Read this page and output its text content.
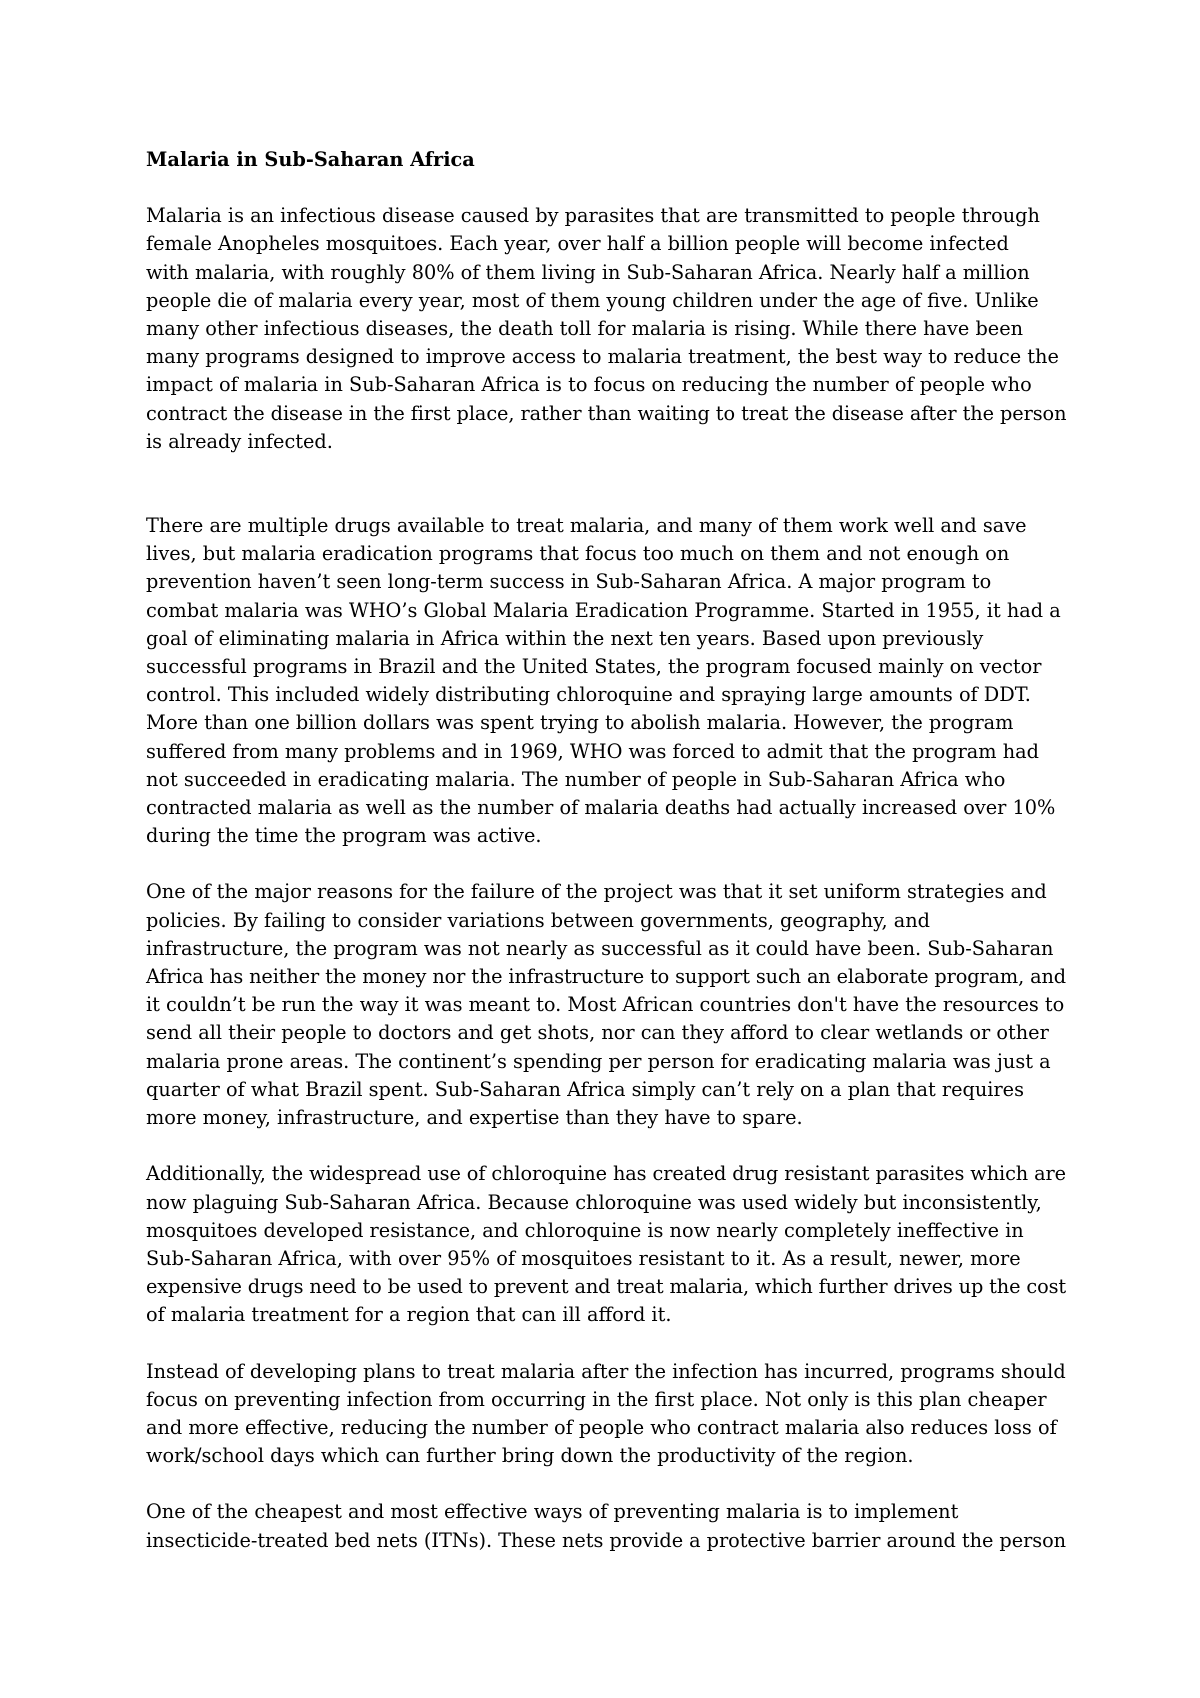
Malaria in Sub-Saharan Africa
Malaria is an infectious disease caused by parasites that are transmitted to people through
female Anopheles mosquitoes. Each year, over half a billion people will become infected
with malaria, with roughly 80% of them living in Sub-Saharan Africa. Nearly half a million
people die of malaria every year, most of them young children under the age of five. Unlike
many other infectious diseases, the death toll for malaria is rising. While there have been
many programs designed to improve access to malaria treatment, the best way to reduce the
impact of malaria in Sub-Saharan Africa is to focus on reducing the number of people who
contract the disease in the first place, rather than waiting to treat the disease after the person
is already infected.
There are multiple drugs available to treat malaria, and many of them work well and save
lives, but malaria eradication programs that focus too much on them and not enough on
prevention haven’t seen long-term success in Sub-Saharan Africa. A major program to
combat malaria was WHO’s Global Malaria Eradication Programme. Started in 1955, it had a
goal of eliminating malaria in Africa within the next ten years. Based upon previously
successful programs in Brazil and the United States, the program focused mainly on vector
control. This included widely distributing chloroquine and spraying large amounts of DDT.
More than one billion dollars was spent trying to abolish malaria. However, the program
suffered from many problems and in 1969, WHO was forced to admit that the program had
not succeeded in eradicating malaria. The number of people in Sub-Saharan Africa who
contracted malaria as well as the number of malaria deaths had actually increased over 10%
during the time the program was active.
One of the major reasons for the failure of the project was that it set uniform strategies and
policies. By failing to consider variations between governments, geography, and
infrastructure, the program was not nearly as successful as it could have been. Sub-Saharan
Africa has neither the money nor the infrastructure to support such an elaborate program, and
it couldn’t be run the way it was meant to. Most African countries don't have the resources to
send all their people to doctors and get shots, nor can they afford to clear wetlands or other
malaria prone areas. The continent’s spending per person for eradicating malaria was just a
quarter of what Brazil spent. Sub-Saharan Africa simply can’t rely on a plan that requires
more money, infrastructure, and expertise than they have to spare.
Additionally, the widespread use of chloroquine has created drug resistant parasites which are
now plaguing Sub-Saharan Africa. Because chloroquine was used widely but inconsistently,
mosquitoes developed resistance, and chloroquine is now nearly completely ineffective in
Sub-Saharan Africa, with over 95% of mosquitoes resistant to it. As a result, newer, more
expensive drugs need to be used to prevent and treat malaria, which further drives up the cost
of malaria treatment for a region that can ill afford it.
Instead of developing plans to treat malaria after the infection has incurred, programs should
focus on preventing infection from occurring in the first place. Not only is this plan cheaper
and more effective, reducing the number of people who contract malaria also reduces loss of
work/school days which can further bring down the productivity of the region.
One of the cheapest and most effective ways of preventing malaria is to implement
insecticide-treated bed nets (ITNs). These nets provide a protective barrier around the person
